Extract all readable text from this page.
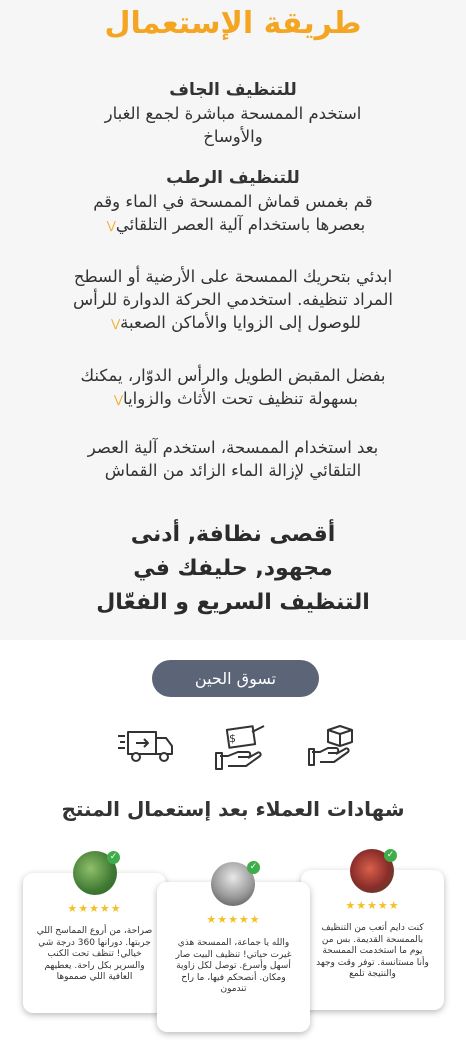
طريقة الإستعمال
للتنظيف الجاف
استخدم الممسحة مباشرة لجمع الغبار
والأوساخ
للتنظيف الرطب
قم بغمس قماش الممسحة في الماء وقم
بعصرها باستخدام آلية العصر التلقائي⋁
ابدئي بتحريك الممسحة على الأرضية أو السطح
المراد تنظيفه. استخدمي الحركة الدوارة للرأس
للوصول إلى الزوايا والأماكن الصعبة⋁
بفضل المقبض الطويل والرأس الدوّار، يمكنك
بسهولة تنظيف تحت الأثاث والزوايا⋁
بعد استخدام الممسحة، استخدم آلية العصر
التلقائي لإزالة الماء الزائد من القماش
أقصى نظافة, أدنى
مجهود, حليفك في
التنظيف السريع و الفعّال
تسوق الحين
$
شهادات العملاء بعد إستعمال المنتج
★★★★★
صراحة، من أروع المماسح اللي
جربتها. دورانها 360 درجة شي
خيالي! تنظف تحت الكنب
والسرير بكل راحة. يعطيهم
العافية اللي صمموها
✓
★★★★★
والله يا جماعة، الممسحة هذي
غيرت حياتي! تنظيف البيت صار
أسهل وأسرع. توصل لكل زاوية
ومكان. أنصحكم فيها، ما راح
تندمون
✓
★★★★★
كنت دايم أتعب من التنظيف
بالممسحة القديمة. بس من
يوم ما استخدمت الممسحة
وأنا مستانسة. توفر وقت وجهد
والنتيجة تلمع
✓
